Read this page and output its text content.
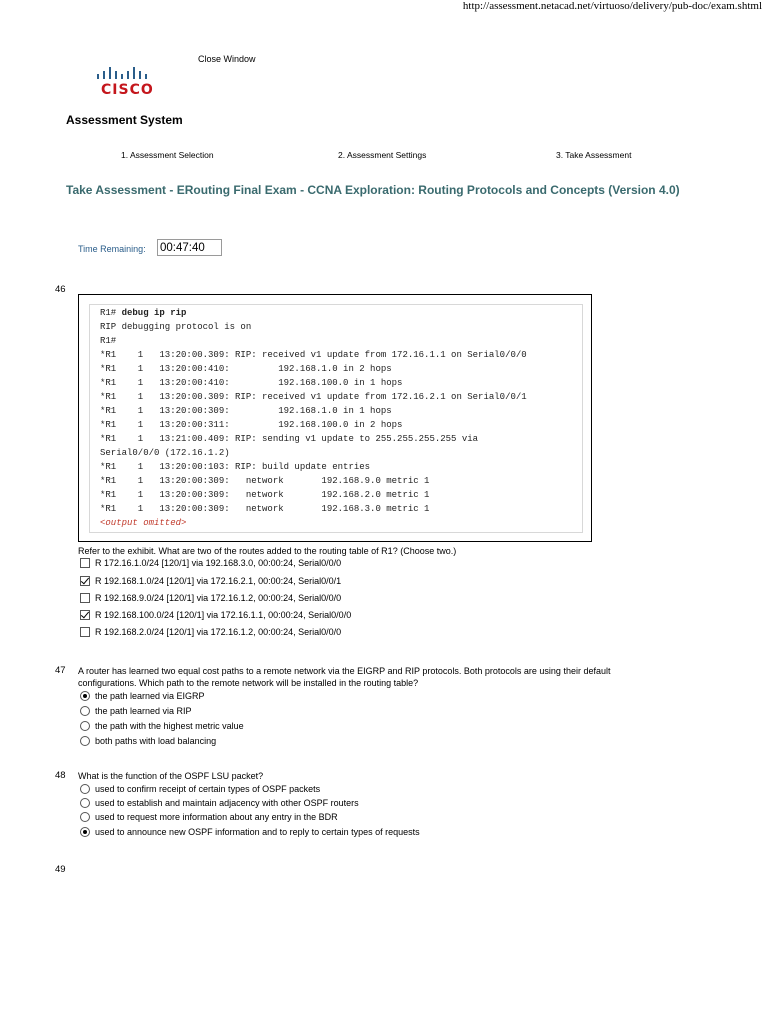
http://assessment.netacad.net/virtuoso/delivery/pub-doc/exam.shtml
CISCO
Close Window
Assessment System
1. Assessment Selection	2. Assessment Settings	3. Take Assessment
Take Assessment - ERouting Final Exam - CCNA Exploration: Routing Protocols and Concepts (Version 4.0)
Time Remaining: 00:47:40
46
R1# debug ip rip
RIP debugging protocol is on
R1#
*R1    1   13:20:00.309: RIP: received v1 update from 172.16.1.1 on Serial0/0/0
*R1    1   13:20:00:410:         192.168.1.0 in 2 hops
*R1    1   13:20:00:410:         192.168.100.0 in 1 hops
*R1    1   13:20:00.309: RIP: received v1 update from 172.16.2.1 on Serial0/0/1
*R1    1   13:20:00:309:         192.168.1.0 in 1 hops
*R1    1   13:20:00:311:         192.168.100.0 in 2 hops
*R1    1   13:21:00.409: RIP: sending v1 update to 255.255.255.255 via
Serial0/0/0 (172.16.1.2)
*R1    1   13:20:00:103: RIP: build update entries
*R1    1   13:20:00:309:   network       192.168.9.0 metric 1
*R1    1   13:20:00:309:   network       192.168.2.0 metric 1
*R1    1   13:20:00:309:   network       192.168.3.0 metric 1
<output omitted>
Refer to the exhibit. What are two of the routes added to the routing table of R1? (Choose two.)
R 172.16.1.0/24 [120/1] via 192.168.3.0, 00:00:24, Serial0/0/0
R 192.168.1.0/24 [120/1] via 172.16.2.1, 00:00:24, Serial0/0/1
R 192.168.9.0/24 [120/1] via 172.16.1.2, 00:00:24, Serial0/0/0
R 192.168.100.0/24 [120/1] via 172.16.1.1, 00:00:24, Serial0/0/0
R 192.168.2.0/24 [120/1] via 172.16.1.2, 00:00:24, Serial0/0/0
47 A router has learned two equal cost paths to a remote network via the EIGRP and RIP protocols. Both protocols are using their default
configurations. Which path to the remote network will be installed in the routing table?
the path learned via EIGRP
the path learned via RIP
the path with the highest metric value
both paths with load balancing
48 What is the function of the OSPF LSU packet?
used to confirm receipt of certain types of OSPF packets
used to establish and maintain adjacency with other OSPF routers
used to request more information about any entry in the BDR
used to announce new OSPF information and to reply to certain types of requests
49
